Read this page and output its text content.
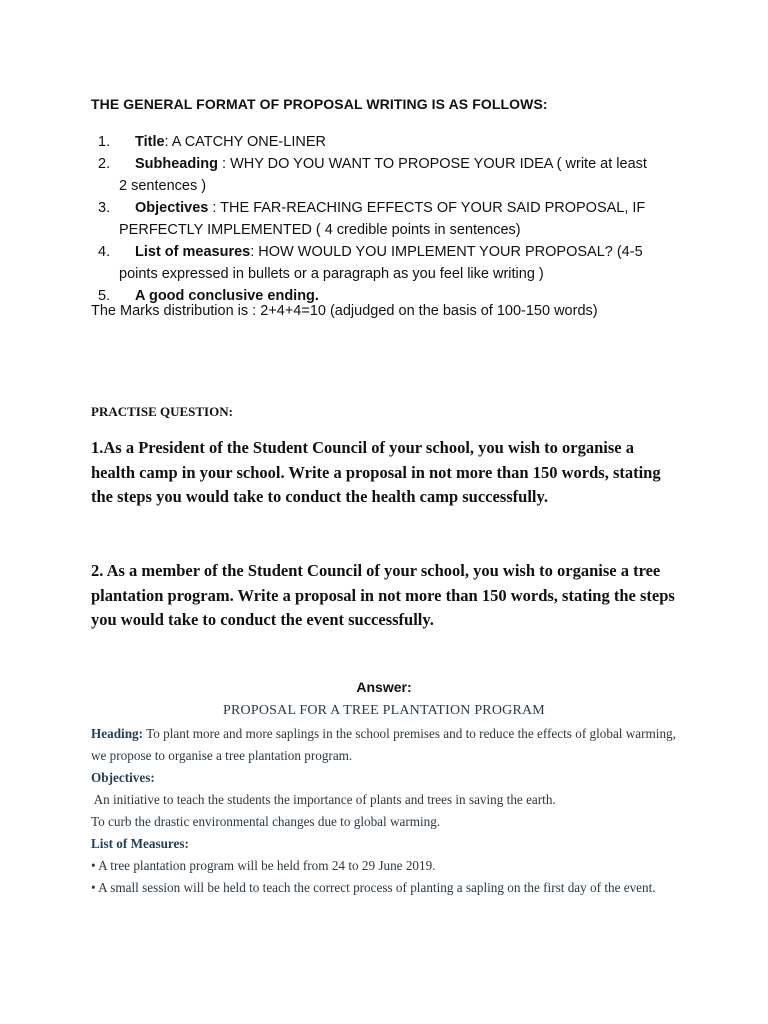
THE GENERAL FORMAT OF PROPOSAL WRITING IS AS FOLLOWS:
1.	Title: A CATCHY ONE-LINER
2.	Subheading : WHY DO YOU WANT TO PROPOSE YOUR IDEA ( write at least 2 sentences )
3.	Objectives : THE FAR-REACHING EFFECTS OF YOUR SAID PROPOSAL, IF PERFECTLY IMPLEMENTED ( 4 credible points in sentences)
4.	List of measures: HOW WOULD YOU IMPLEMENT YOUR PROPOSAL? (4-5 points expressed in bullets or a paragraph as you feel like writing )
5.	A good conclusive ending.
The Marks distribution is : 2+4+4=10 (adjudged on the basis of 100-150 words)
PRACTISE QUESTION:
1.As a President of the Student Council of your school, you wish to organise a health camp in your school. Write a proposal in not more than 150 words, stating the steps you would take to conduct the health camp successfully.
2. As a member of the Student Council of your school, you wish to organise a tree plantation program. Write a proposal in not more than 150 words, stating the steps you would take to conduct the event successfully.
Answer:
PROPOSAL FOR A TREE PLANTATION PROGRAM

Heading: To plant more and more saplings in the school premises and to reduce the effects of global warming, we propose to organise a tree plantation program.

Objectives:

An initiative to teach the students the importance of plants and trees in saving the earth.

To curb the drastic environmental changes due to global warming.

List of Measures:

• A tree plantation program will be held from 24 to 29 June 2019.

• A small session will be held to teach the correct process of planting a sapling on the first day of the event.
